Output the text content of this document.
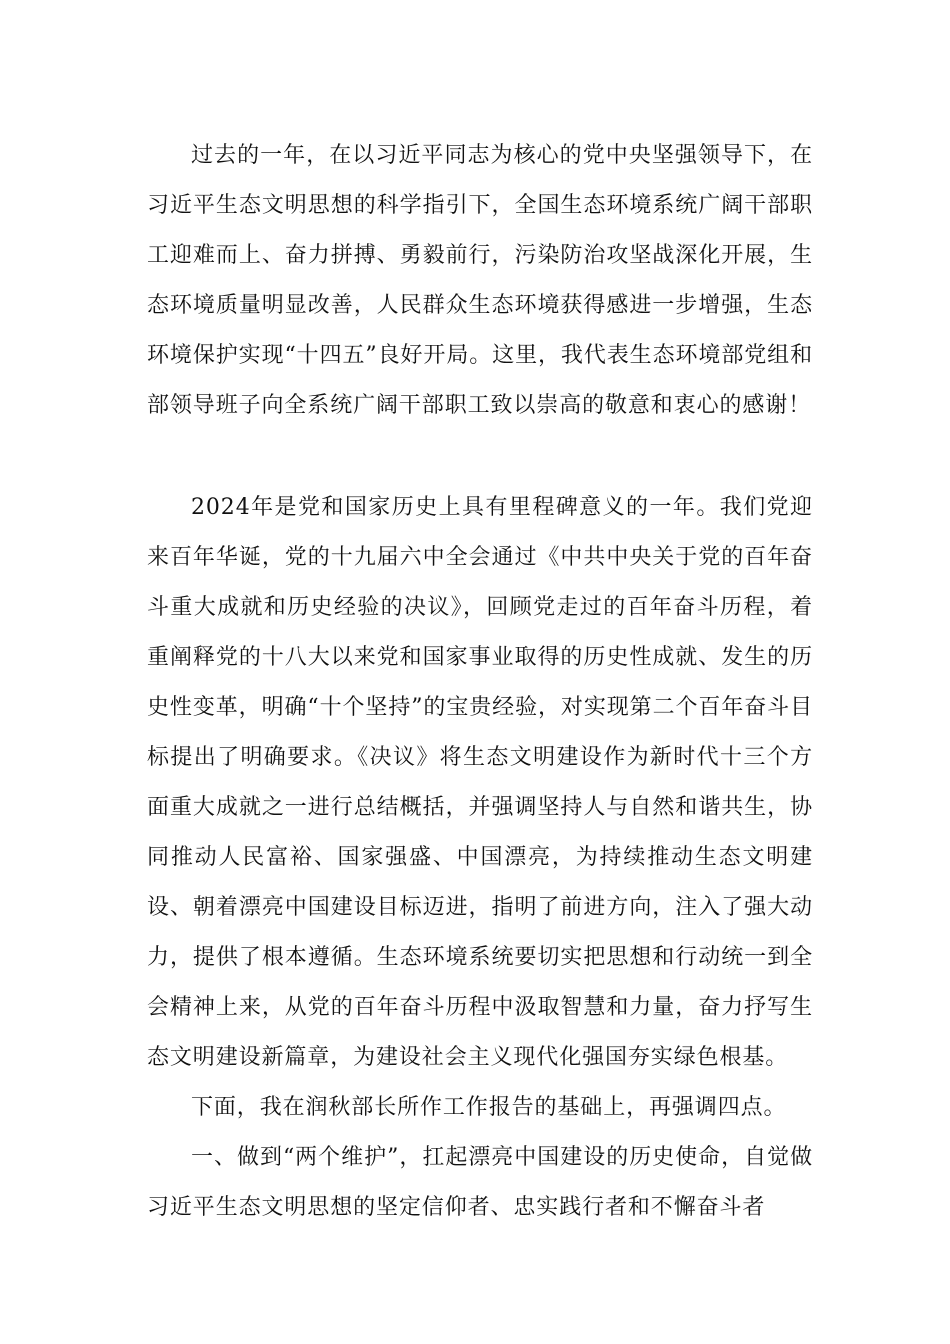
过去的一年，在以习近平同志为核心的党中央坚强领导下，在习近平生态文明思想的科学指引下，全国生态环境系统广阔干部职工迎难而上、奋力拼搏、勇毅前行，污染防治攻坚战深化开展，生态环境质量明显改善，人民群众生态环境获得感进一步增强，生态环境保护实现“十四五”良好开局。这里，我代表生态环境部党组和部领导班子向全系统广阔干部职工致以崇高的敬意和衷心的感谢！

2024年是党和国家历史上具有里程碑意义的一年。我们党迎来百年华诞，党的十九届六中全会通过《中共中央关于党的百年奋斗重大成就和历史经验的决议》，回顾党走过的百年奋斗历程，着重阐释党的十八大以来党和国家事业取得的历史性成就、发生的历史性变革，明确“十个坚持”的宝贵经验，对实现第二个百年奋斗目标提出了明确要求。《决议》将生态文明建设作为新时代十三个方面重大成就之一进行总结概括，并强调坚持人与自然和谐共生，协同推动人民富裕、国家强盛、中国漂亮，为持续推动生态文明建设、朝着漂亮中国建设目标迈进，指明了前进方向，注入了强大动力，提供了根本遵循。生态环境系统要切实把思想和行动统一到全会精神上来，从党的百年奋斗历程中汲取智慧和力量，奋力抒写生态文明建设新篇章，为建设社会主义现代化强国夯实绿色根基。

下面，我在润秋部长所作工作报告的基础上，再强调四点。

一、做到“两个维护”，扛起漂亮中国建设的历史使命，自觉做习近平生态文明思想的坚定信仰者、忠实践行者和不懈奋斗者
